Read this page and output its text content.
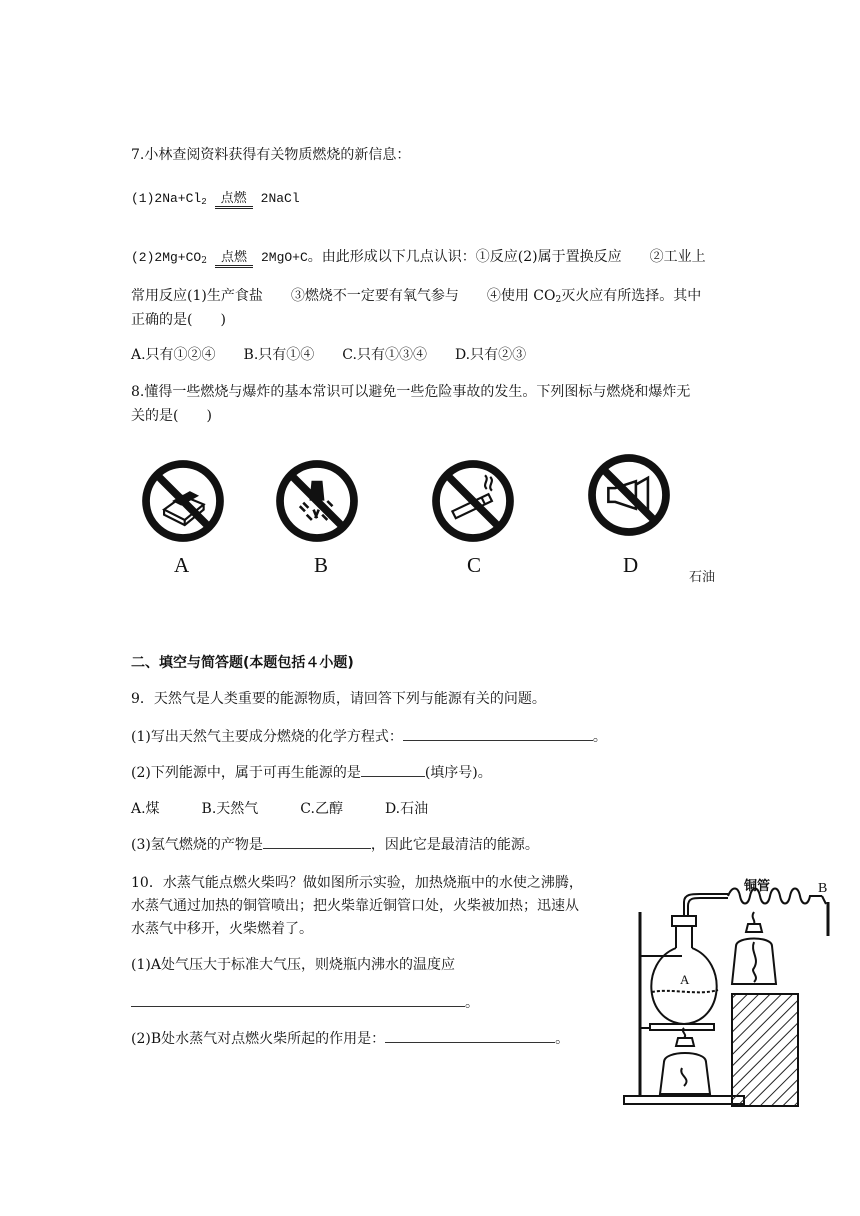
7.小林查阅资料获得有关物质燃烧的新信息：
$(1)2Na+Cl_2$ 点燃 2NaCl
$(2)2Mg+CO_2$ 点燃 2MgO+C。由此形成以下几点认识：①反应(2)属于置换反应　　②工业上
常用反应(1)生产食盐　　③燃烧不一定要有氧气参与　　④使用 $CO_2$灭火应有所选择。其中
正确的是(　　)
A.只有①②④　　B.只有①④　　C.只有①③④　　D.只有②③
8.懂得一些燃烧与爆炸的基本常识可以避免一些危险事故的发生。下列图标与燃烧和爆炸无
关的是(　　)
A	B	C	D
石油
二、填空与简答题(本题包括４小题)
9．天然气是人类重要的能源物质，请回答下列与能源有关的问题。
(1)写出天然气主要成分燃烧的化学方程式：	。
(2)下列能源中，属于可再生能源的是	(填序号)。
A.煤　　　B.天然气　　　C.乙醇　　　D.石油
(3)氢气燃烧的产物是	，因此它是最清洁的能源。
10．水蒸气能点燃火柴吗？做如图所示实验，加热烧瓶中的水使之沸腾，
水蒸气通过加热的铜管喷出；把火柴靠近铜管口处，火柴被加热；迅速从
水蒸气中移开，火柴燃着了。
(1)A处气压大于标准大气压，则烧瓶内沸水的温度应
。
(2)B处水蒸气对点燃火柴所起的作用是：	。
铜管	B
A
